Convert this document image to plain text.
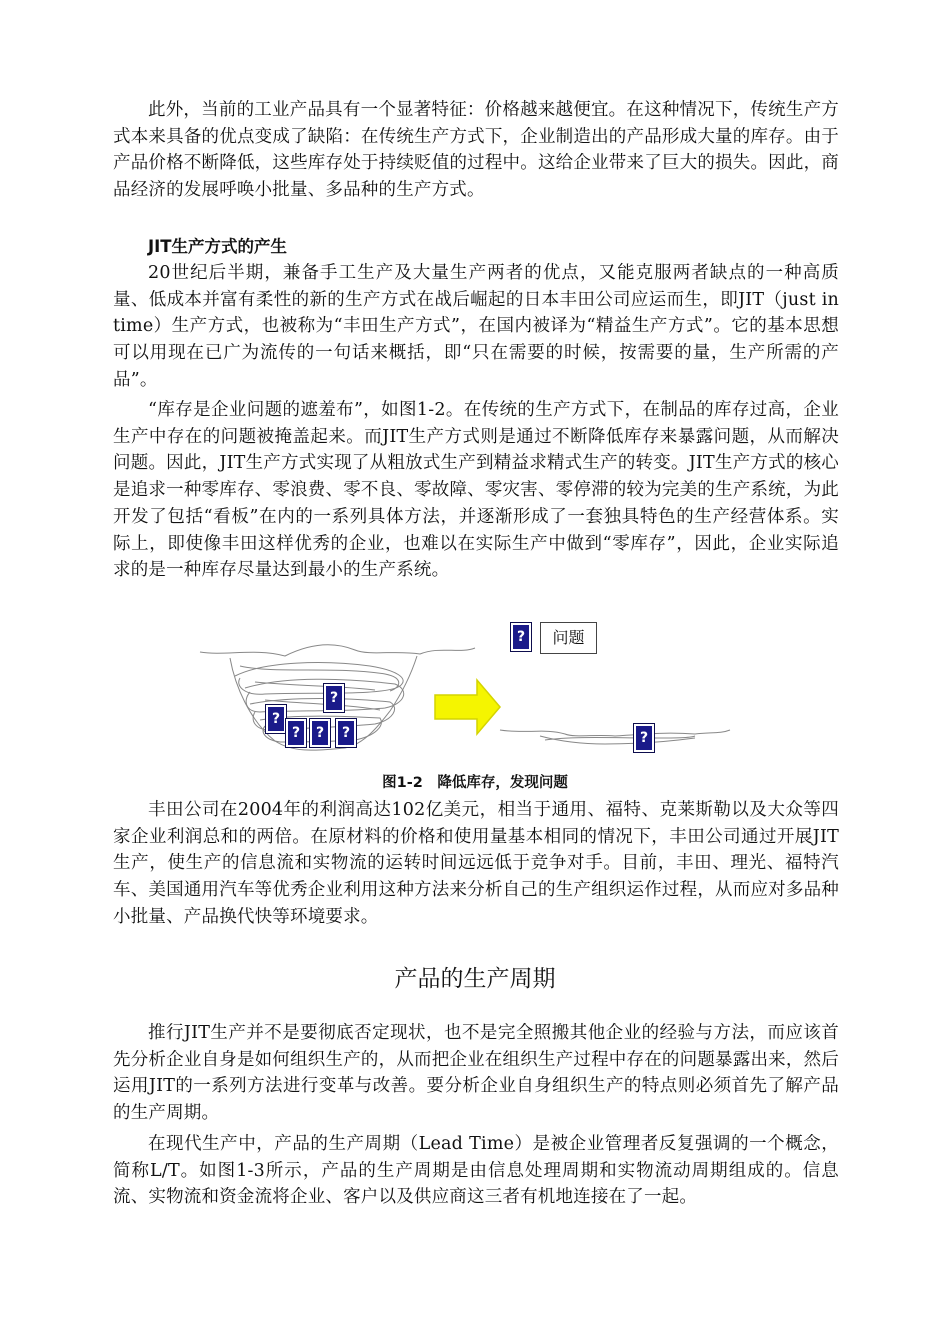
此外，当前的工业产品具有一个显著特征：价格越来越便宜。在这种情况下，传统生产方式本来具备的优点变成了缺陷：在传统生产方式下，企业制造出的产品形成大量的库存。由于产品价格不断降低，这些库存处于持续贬值的过程中。这给企业带来了巨大的损失。因此，商品经济的发展呼唤小批量、多品种的生产方式。

JIT生产方式的产生

20世纪后半期，兼备手工生产及大量生产两者的优点，又能克服两者缺点的一种高质量、低成本并富有柔性的新的生产方式在战后崛起的日本丰田公司应运而生，即JIT（just in time）生产方式，也被称为“丰田生产方式”，在国内被译为“精益生产方式”。它的基本思想可以用现在已广为流传的一句话来概括，即“只在需要的时候，按需要的量，生产所需的产品”。

“库存是企业问题的遮羞布”，如图1-2。在传统的生产方式下，在制品的库存过高，企业生产中存在的问题被掩盖起来。而JIT生产方式则是通过不断降低库存来暴露问题，从而解决问题。因此，JIT生产方式实现了从粗放式生产到精益求精式生产的转变。JIT生产方式的核心是追求一种零库存、零浪费、零不良、零故障、零灾害、零停滞的较为完美的生产系统，为此开发了包括“看板”在内的一系列具体方法，并逐渐形成了一套独具特色的生产经营体系。实际上，即使像丰田这样优秀的企业，也难以在实际生产中做到“零库存”，因此，企业实际追求的是一种库存尽量达到最小的生产系统。

?
?	?
?
?	?
?	问题

图1-2　降低库存，发现问题

丰田公司在2004年的利润高达102亿美元，相当于通用、福特、克莱斯勒以及大众等四家企业利润总和的两倍。在原材料的价格和使用量基本相同的情况下，丰田公司通过开展JIT生产，使生产的信息流和实物流的运转时间远远低于竞争对手。目前，丰田、理光、福特汽车、美国通用汽车等优秀企业利用这种方法来分析自己的生产组织运作过程，从而应对多品种小批量、产品换代快等环境要求。

产品的生产周期

推行JIT生产并不是要彻底否定现状，也不是完全照搬其他企业的经验与方法，而应该首先分析企业自身是如何组织生产的，从而把企业在组织生产过程中存在的问题暴露出来，然后运用JIT的一系列方法进行变革与改善。要分析企业自身组织生产的特点则必须首先了解产品的生产周期。

在现代生产中，产品的生产周期（Lead Time）是被企业管理者反复强调的一个概念，简称L/T。如图1-3所示，产品的生产周期是由信息处理周期和实物流动周期组成的。信息流、实物流和资金流将企业、客户以及供应商这三者有机地连接在了一起。
